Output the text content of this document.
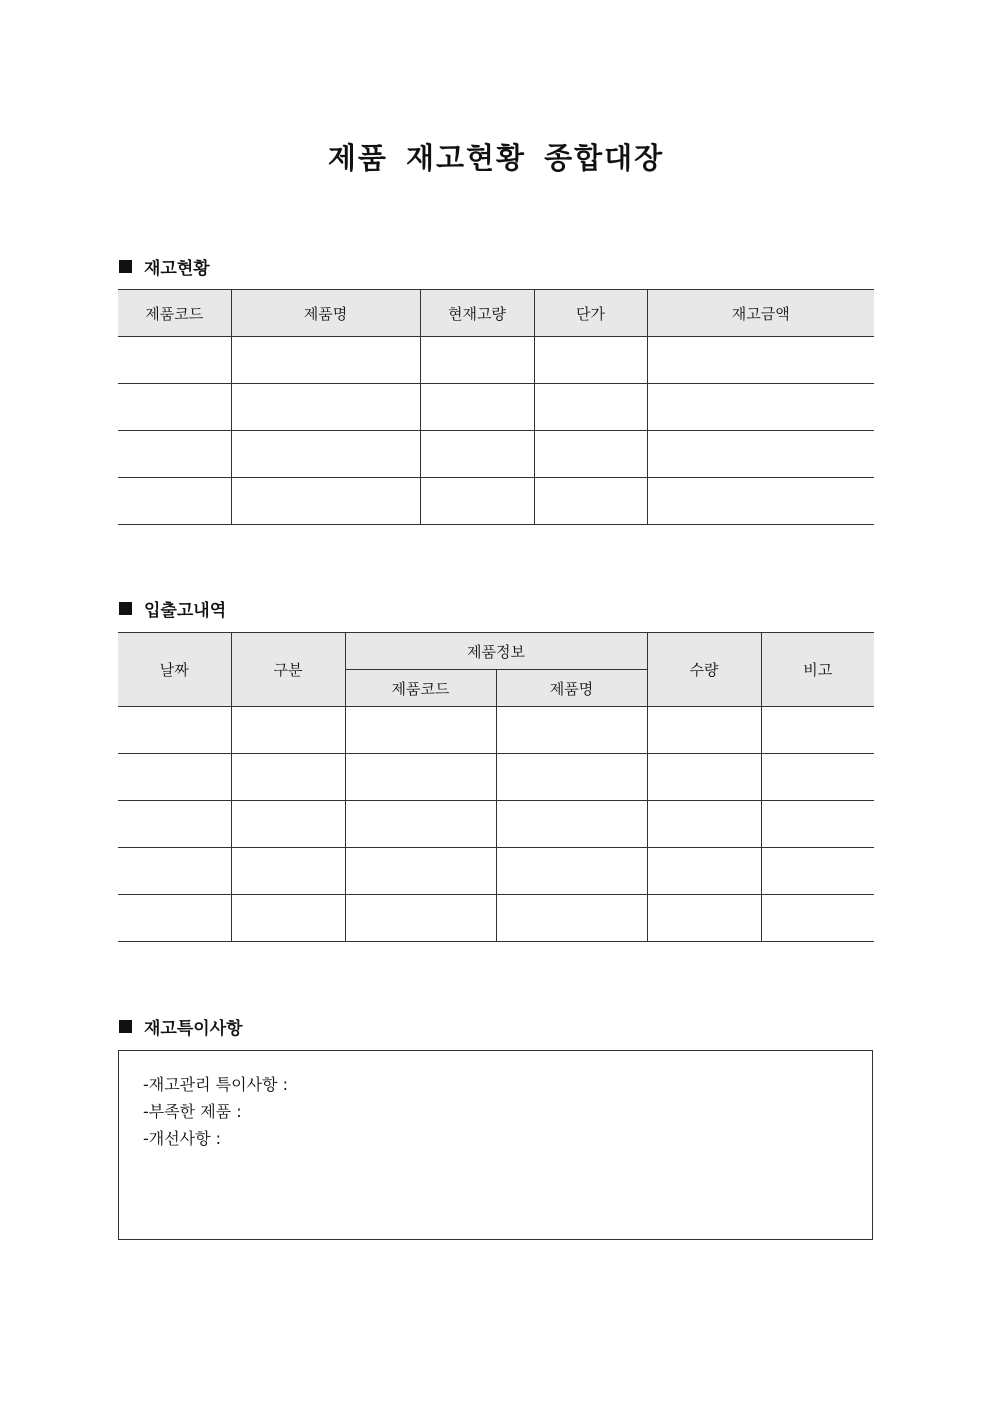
제품 재고현황 종합대장
재고현황
제품코드	제품명	현재고량	단가	재고금액

입출고내역
날짜	구분	제품정보		수량	비고
		제품코드	제품명		

재고특이사항
-재고관리 특이사항 :
-부족한 제품 :
-개선사항 :
